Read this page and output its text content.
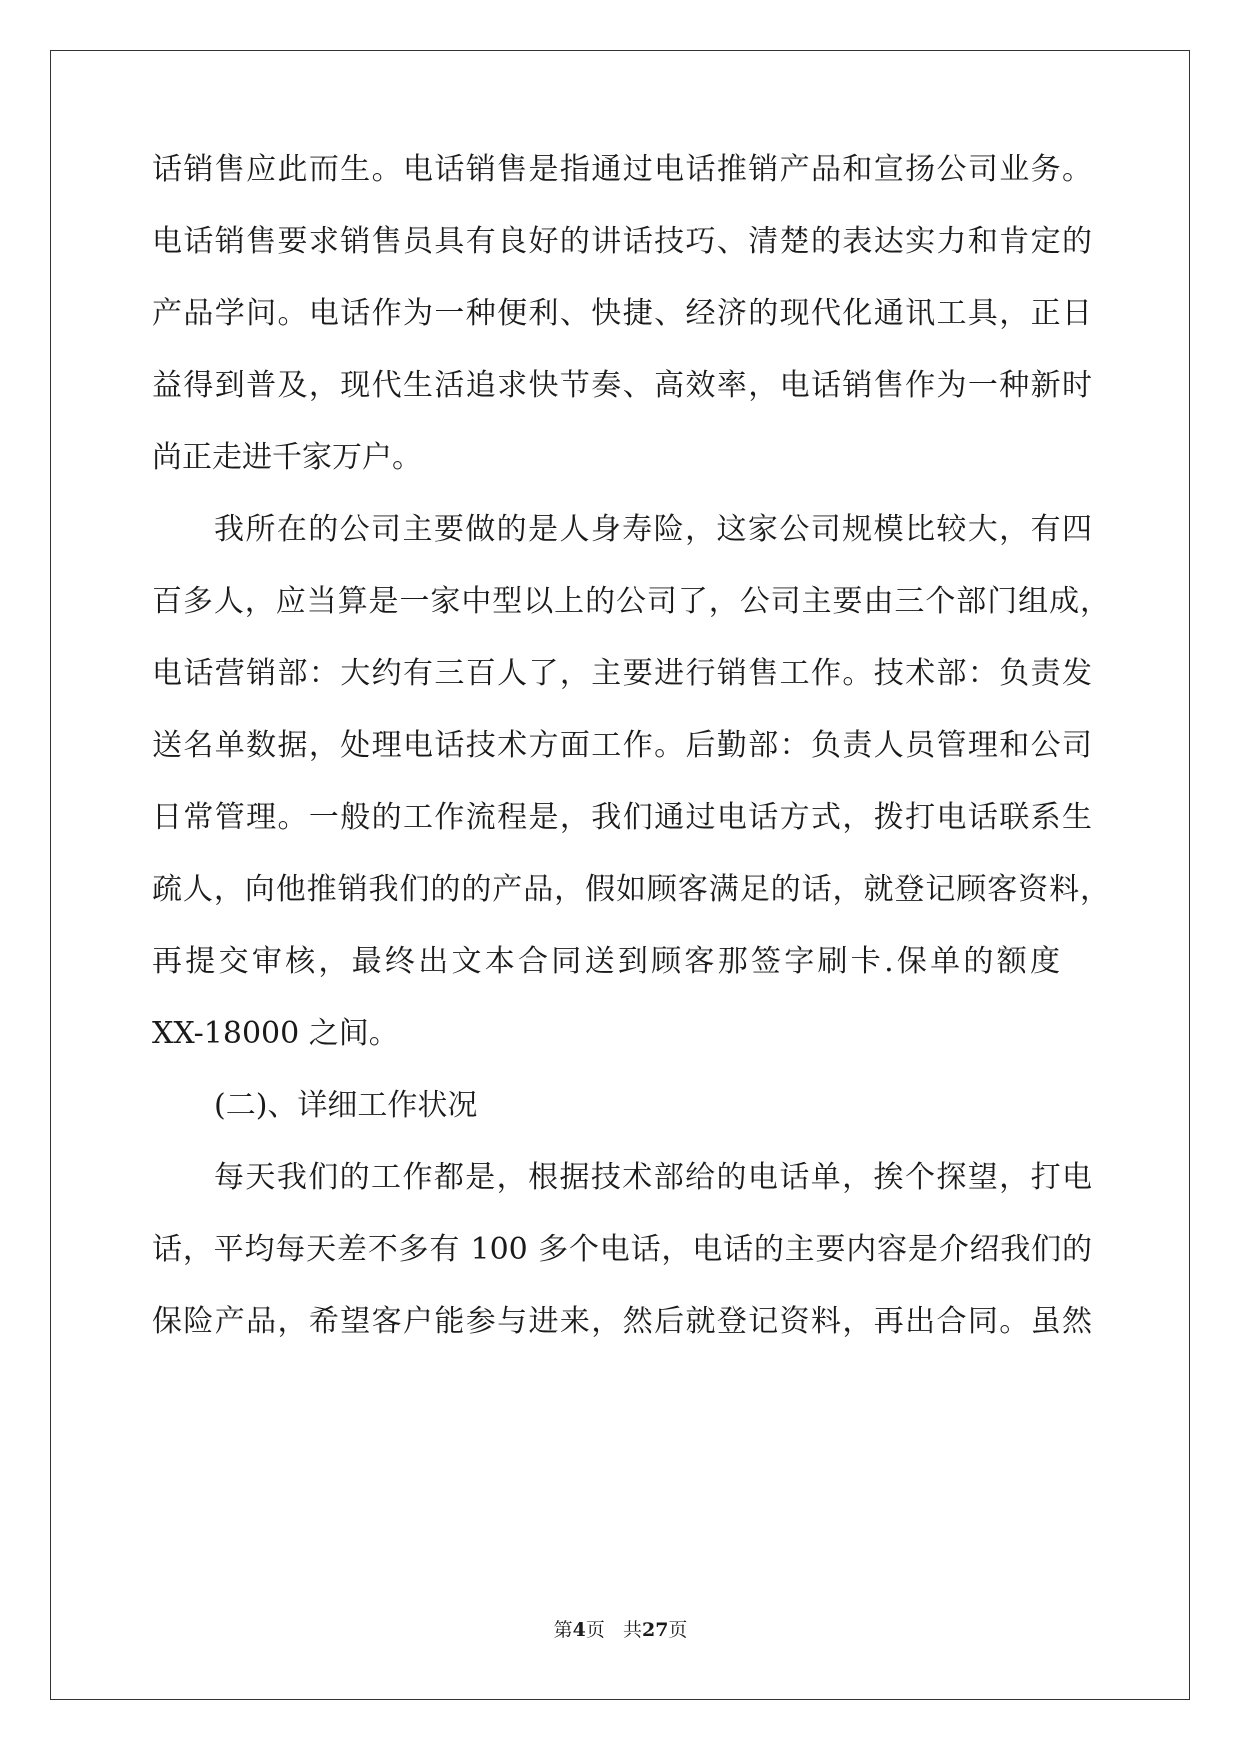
话销售应此而生。电话销售是指通过电话推销产品和宣扬公司业务。
电话销售要求销售员具有良好的讲话技巧、清楚的表达实力和肯定的
产品学问。电话作为一种便利、快捷、经济的现代化通讯工具，正日
益得到普及，现代生活追求快节奏、高效率，电话销售作为一种新时
尚正走进千家万户。
我所在的公司主要做的是人身寿险，这家公司规模比较大，有四
百多人，应当算是一家中型以上的公司了，公司主要由三个部门组成，
电话营销部：大约有三百人了，主要进行销售工作。技术部：负责发
送名单数据，处理电话技术方面工作。后勤部：负责人员管理和公司
日常管理。一般的工作流程是，我们通过电话方式，拨打电话联系生
疏人，向他推销我们的的产品，假如顾客满足的话，就登记顾客资料，
再提交审核，最终出文本合同送到顾客那签字刷卡.保单的额度
XX-18000 之间。
(二)、详细工作状况
每天我们的工作都是，根据技术部给的电话单，挨个探望，打电
话，平均每天差不多有 100 多个电话，电话的主要内容是介绍我们的
保险产品，希望客户能参与进来，然后就登记资料，再出合同。虽然
第4页 共27页
